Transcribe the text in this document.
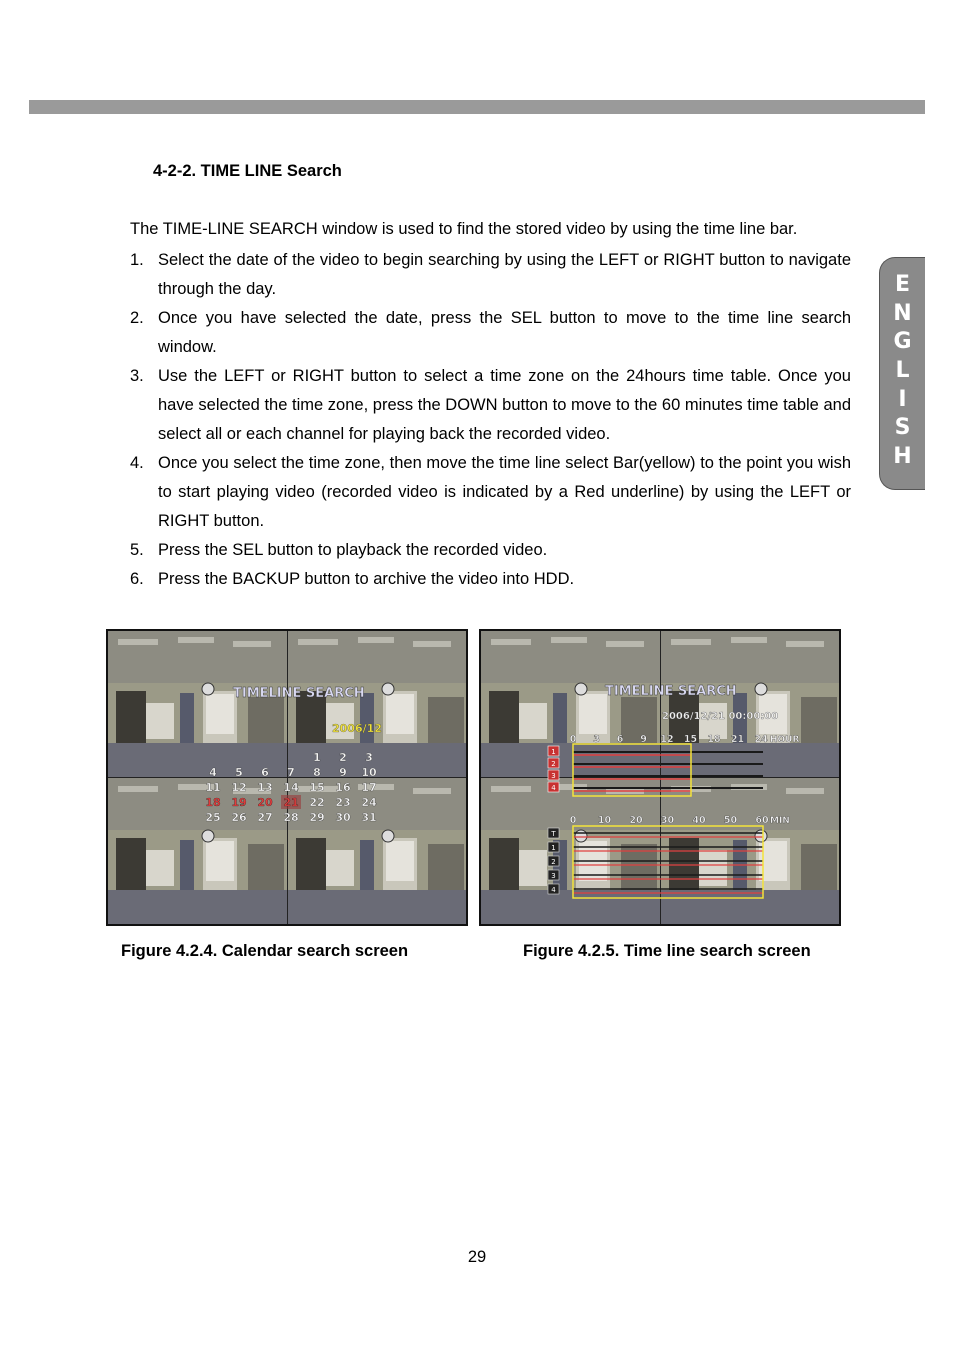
E
N
G
L
I
S
H
4-2-2. TIME LINE Search

The TIME-LINE SEARCH window is used to find the stored video by using the time line bar.

1. Select the date of the video to begin searching by using the LEFT or RIGHT button to navigate through the day.
2. Once you have selected the date, press the SEL button to move to the time line search window.
3. Use the LEFT or RIGHT button to select a time zone on the 24hours time table. Once you have selected the time zone, press the DOWN button to move to the 60 minutes time table and select all or each channel for playing back the recorded video.
4. Once you select the time zone, then move the time line select Bar(yellow) to the point you wish to start playing video (recorded video is indicated by a Red underline) by using the LEFT or RIGHT button.
5. Press the SEL button to playback the recorded video.
6. Press the BACKUP button to archive the video into HDD.
TIMELINE SEARCH
2006/12
1 2 3
4 5 6 7 8 9 10
11 12 13 14 15 16 17
18 19 20 21 22 23 24
25 26 27 28 29 30 31
TIMELINE SEARCH
2006/12/21 00:00:00
0 3 6 9 12 15 18 21 24 HOUR
1
2
3
4
0 10 20 30 40 50 60 MIN
T
1
2
3
4

Figure 4.2.4. Calendar search screen	Figure 4.2.5. Time line search screen

29
